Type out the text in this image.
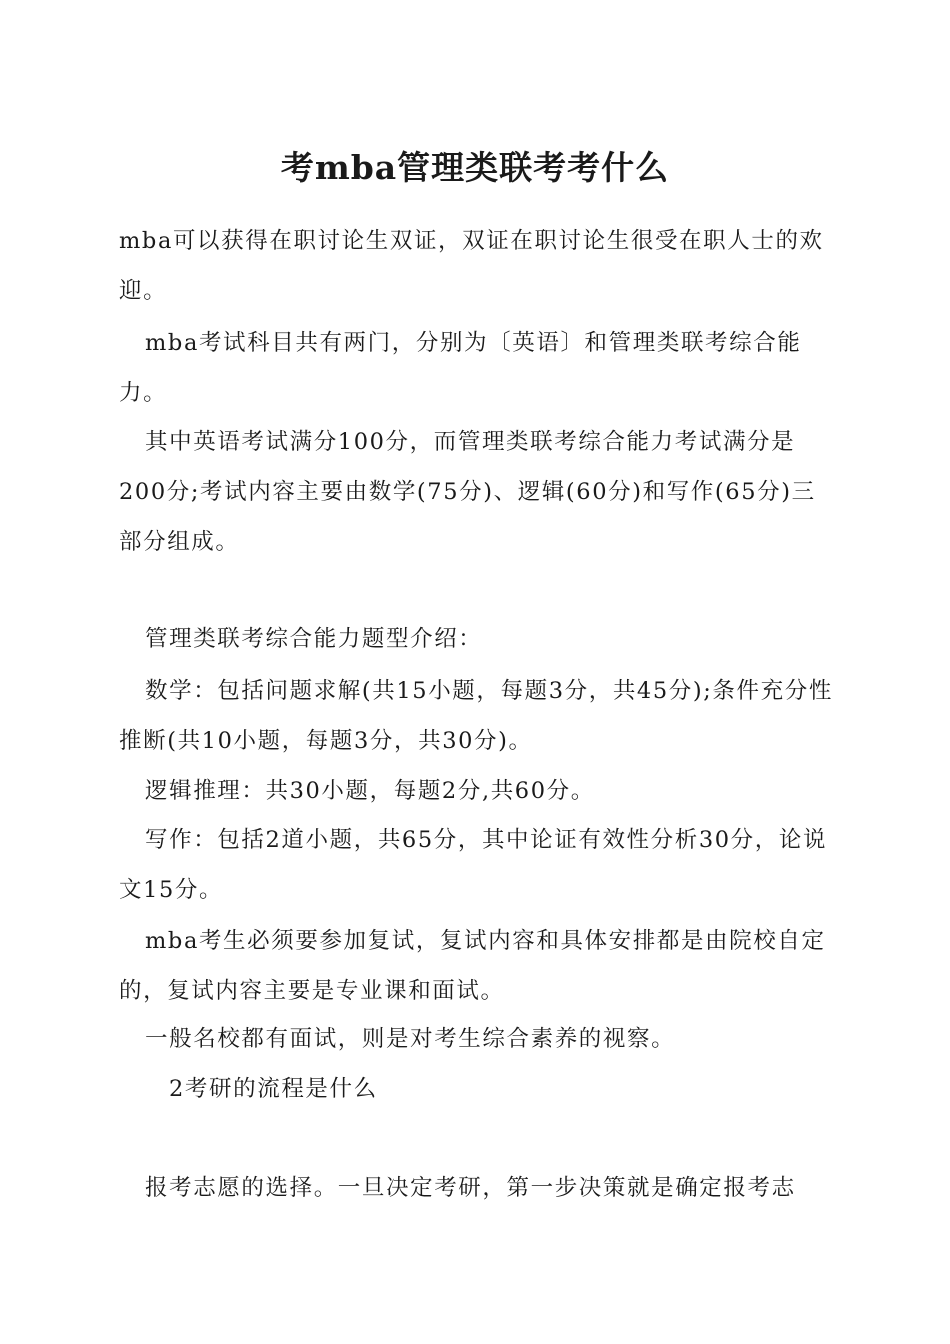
考mba管理类联考考什么

mba可以获得在职讨论生双证，双证在职讨论生很受在职人士的欢迎。

mba考试科目共有两门，分别为〔英语〕和管理类联考综合能力。

其中英语考试满分100分，而管理类联考综合能力考试满分是200分;考试内容主要由数学(75分)、逻辑(60分)和写作(65分)三部分组成。

管理类联考综合能力题型介绍：

数学：包括问题求解(共15小题，每题3分，共45分);条件充分性推断(共10小题，每题3分，共30分)。

逻辑推理：共30小题，每题2分,共60分。

写作：包括2道小题，共65分，其中论证有效性分析30分，论说文15分。

mba考生必须要参加复试，复试内容和具体安排都是由院校自定的，复试内容主要是专业课和面试。

一般名校都有面试，则是对考生综合素养的视察。

2考研的流程是什么

报考志愿的选择。一旦决定考研，第一步决策就是确定报考志
